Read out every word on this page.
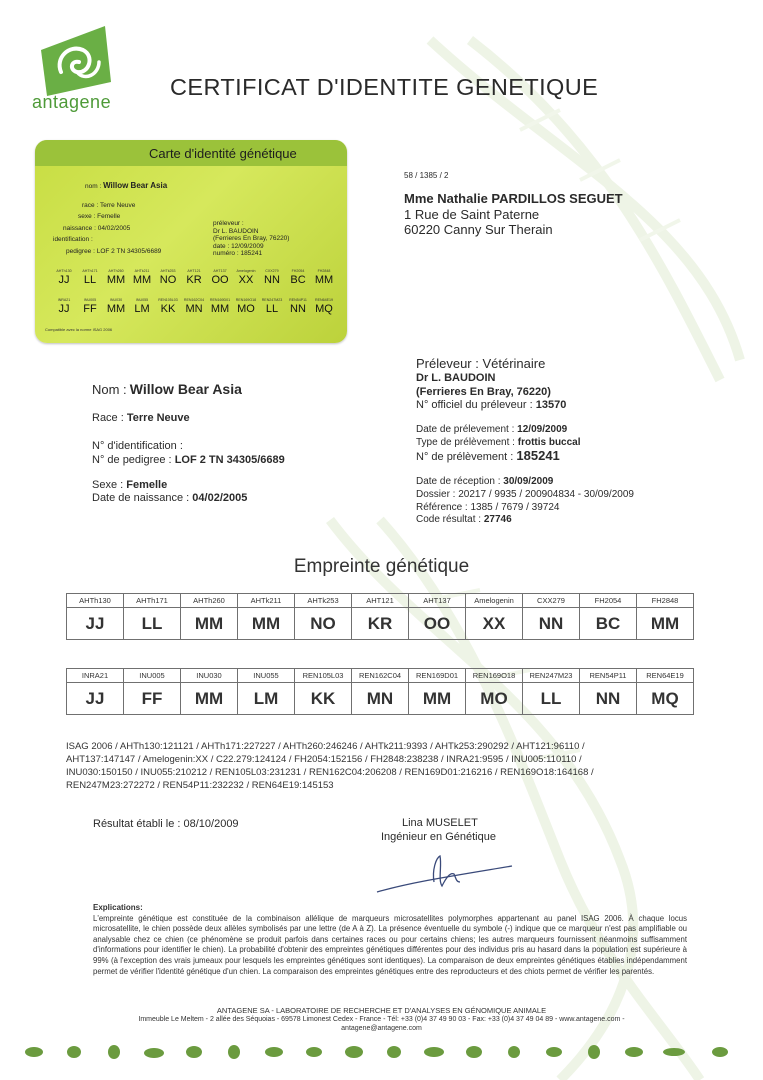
antagene
CERTIFICAT D'IDENTITE GENETIQUE
Carte d'identité génétique
nom : Willow Bear Asia
race : Terre Neuve
sexe : Femelle
naissance : 04/02/2005
identification :
pedigree : LOF 2 TN 34305/6689
préleveur :
Dr L. BAUDOIN
(Ferrieres En Bray, 76220)
date : 12/09/2009
numéro : 185241
AHTh130
JJ
AHTh171
LL
AHTh260
MM
AHTk211
MM
AHTk253
NO
AHT121
KR
AHT137
OO
Amelogenin
XX
CXX279
NN
FH2054
BC
FH2848
MM
INRA21
JJ
INU005
FF
INU030
MM
INU055
LM
REN105L03
KK
REN162C04
MN
REN169D01
MM
REN169O18
MO
REN247M23
LL
REN54P11
NN
REN64E19
MQ
Compatible avec la norme ISAG 2006
58 / 1385 / 2
Mme Nathalie PARDILLOS SEGUET
1 Rue de Saint Paterne
60220 Canny Sur Therain
Préleveur : Vétérinaire
Dr L. BAUDOIN
(Ferrieres En Bray, 76220)
N° officiel du préleveur : 13570
Nom : Willow Bear Asia
Race : Terre Neuve
N° d'identification :
N° de pedigree : LOF 2 TN 34305/6689
Sexe : Femelle
Date de naissance : 04/02/2005
Date de prélevement : 12/09/2009
Type de prélèvement : frottis buccal
N° de prélèvement : 185241
Date de réception : 30/09/2009
Dossier : 20217 / 9935 / 200904834 - 30/09/2009
Référence : 1385 / 7679 / 39724
Code résultat : 27746
Empreinte génétique
AHTh130	AHTh171	AHTh260	AHTk211	AHTk253	AHT121	AHT137	Amelogenin	CXX279	FH2054	FH2848
JJ	LL	MM	MM	NO	KR	OO	XX	NN	BC	MM
INRA21	INU005	INU030	INU055	REN105L03	REN162C04	REN169D01	REN169O18	REN247M23	REN54P11	REN64E19
JJ	FF	MM	LM	KK	MN	MM	MO	LL	NN	MQ
ISAG 2006 / AHTh130:121121 / AHTh171:227227 / AHTh260:246246 / AHTk211:9393 / AHTk253:290292 / AHT121:96110 /
AHT137:147147 / Amelogenin:XX / C22.279:124124 / FH2054:152156 / FH2848:238238 / INRA21:9595 / INU005:110110 /
INU030:150150 / INU055:210212 / REN105L03:231231 / REN162C04:206208 / REN169D01:216216 / REN169O18:164168 /
REN247M23:272272 / REN54P11:232232 / REN64E19:145153
Résultat établi le : 08/10/2009	Lina MUSELET
Ingénieur en Génétique
Explications:
L'empreinte génétique est constituée de la combinaison allélique de marqueurs microsatellites polymorphes appartenant au panel ISAG 2006. À chaque locus microsatellite, le chien possède deux allèles symbolisés par une lettre (de A à Z). La présence éventuelle du symbole (-) indique que ce marqueur n'est pas amplifiable ou analysable chez ce chien (ce phénomène se produit parfois dans certaines races ou pour certains chiens; les autres marqueurs fournissent néanmoins suffisamment d'informations pour identifier le chien). La probabilité d'obtenir des empreintes génétiques différentes pour des individus pris au hasard dans la population est supérieure à 99% (à l'exception des vrais jumeaux pour lesquels les empreintes génétiques sont identiques). La comparaison de deux empreintes génétiques établies indépendamment permet de vérifier l'identité génétique d'un chien. La comparaison des empreintes génétiques entre des reproducteurs et des chiots permet de vérifier les parentés.
ANTAGENE SA - LABORATOIRE DE RECHERCHE ET D'ANALYSES EN GÉNOMIQUE ANIMALE
Immeuble Le Meltem - 2 allée des Séquoias - 69578 Limonest Cedex - France - Tél: +33 (0)4 37 49 90 03 - Fax: +33 (0)4 37 49 04 89 - www.antagene.com -
antagene@antagene.com
